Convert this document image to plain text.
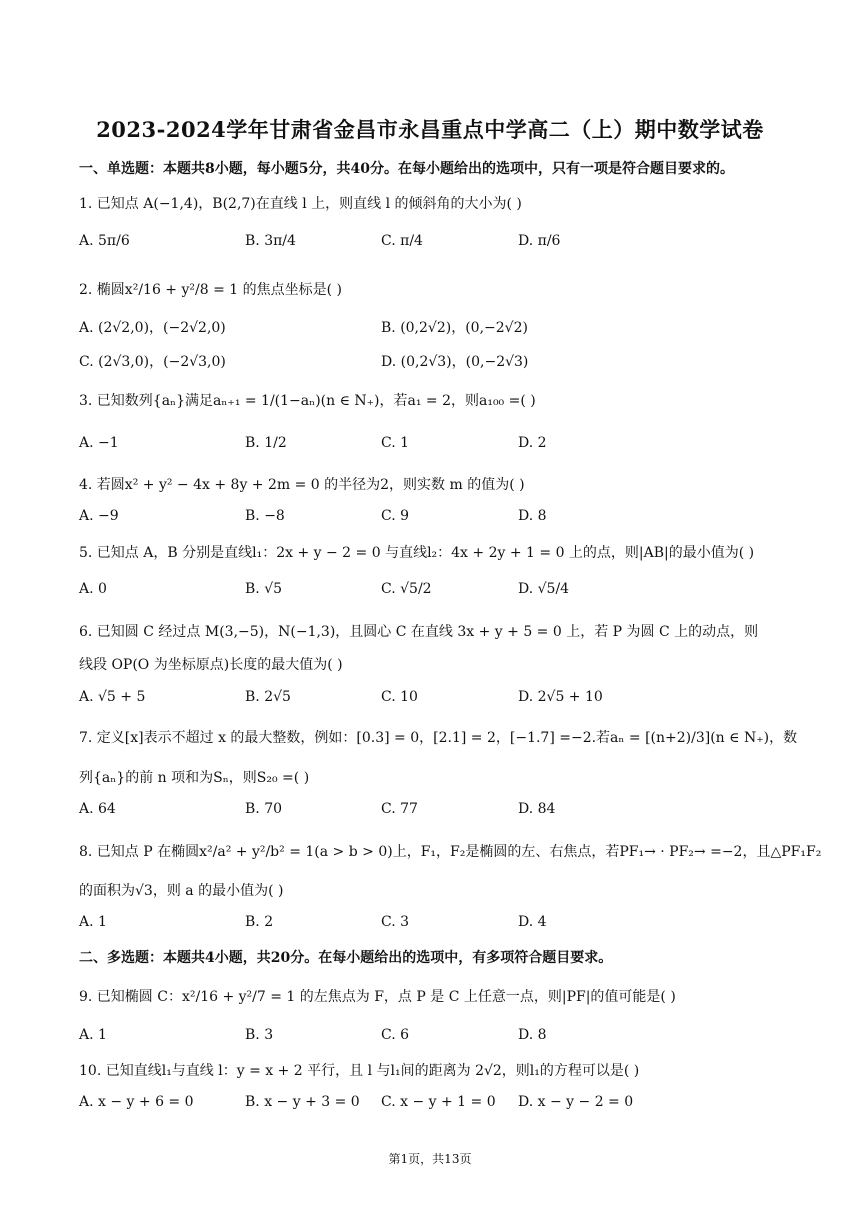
2023-2024学年甘肃省金昌市永昌重点中学高二（上）期中数学试卷
一、单选题：本题共8小题，每小题5分，共40分。在每小题给出的选项中，只有一项是符合题目要求的。
1. 已知点 A(−1,4)，B(2,7)在直线 l 上，则直线 l 的倾斜角的大小为( )
A. 5π/6	B. 3π/4	C. π/4	D. π/6
2. 椭圆x²/16 + y²/8 = 1 的焦点坐标是( )
A. (2√2,0)，(−2√2,0)	B. (0,2√2)，(0,−2√2)
C. (2√3,0)，(−2√3,0)	D. (0,2√3)，(0,−2√3)
3. 已知数列{aₙ}满足aₙ₊₁ = 1/(1−aₙ)(n ∈ N₊)，若a₁ = 2，则a₁₀₀ =( )
A. −1	B. 1/2	C. 1	D. 2
4. 若圆x² + y² − 4x + 8y + 2m = 0 的半径为2，则实数 m 的值为( )
A. −9	B. −8	C. 9	D. 8
5. 已知点 A，B 分别是直线l₁：2x + y − 2 = 0 与直线l₂：4x + 2y + 1 = 0 上的点，则|AB|的最小值为( )
A. 0	B. √5	C. √5/2	D. √5/4
6. 已知圆 C 经过点 M(3,−5)，N(−1,3)，且圆心 C 在直线 3x + y + 5 = 0 上，若 P 为圆 C 上的动点，则
线段 OP(O 为坐标原点)长度的最大值为( )
A. √5 + 5	B. 2√5	C. 10	D. 2√5 + 10
7. 定义[x]表示不超过 x 的最大整数，例如：[0.3] = 0，[2.1] = 2，[−1.7] =−2.若aₙ = [(n+2)/3](n ∈ N₊)，数
列{aₙ}的前 n 项和为Sₙ，则S₂₀ =( )
A. 64	B. 70	C. 77	D. 84
8. 已知点 P 在椭圆x²/a² + y²/b² = 1(a > b > 0)上，F₁，F₂是椭圆的左、右焦点，若PF₁→ · PF₂→ =−2，且△PF₁F₂
的面积为√3，则 a 的最小值为( )
A. 1	B. 2	C. 3	D. 4
二、多选题：本题共4小题，共20分。在每小题给出的选项中，有多项符合题目要求。
9. 已知椭圆 C：x²/16 + y²/7 = 1 的左焦点为 F，点 P 是 C 上任意一点，则|PF|的值可能是( )
A. 1	B. 3	C. 6	D. 8
10. 已知直线l₁与直线 l：y = x + 2 平行，且 l 与l₁间的距离为 2√2，则l₁的方程可以是( )
A. x − y + 6 = 0	B. x − y + 3 = 0 C. x − y + 1 = 0 D. x − y − 2 = 0
第1页，共13页
